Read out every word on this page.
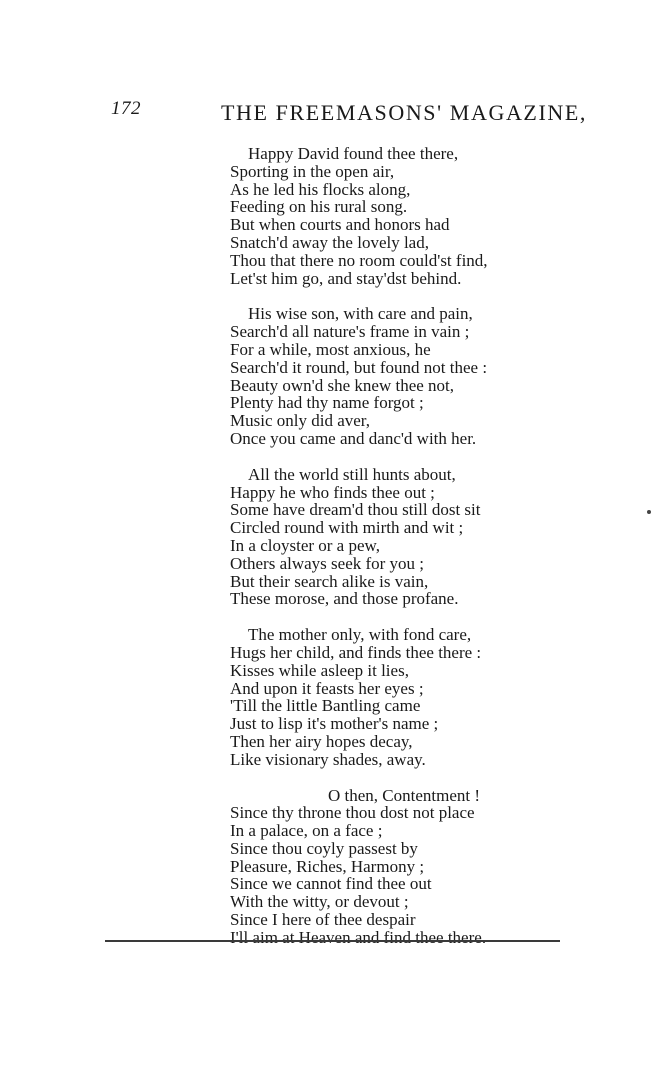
172	THE FREEMASONS' MAGAZINE,
Happy David found thee there,
Sporting in the open air,
As he led his flocks along,
Feeding on his rural song.
But when courts and honors had
Snatch'd away the lovely lad,
Thou that there no room could'st find,
Let'st him go, and stay'dst behind.
His wise son, with care and pain,
Search'd all nature's frame in vain ;
For a while, most anxious, he
Search'd it round, but found not thee :
Beauty own'd she knew thee not,
Plenty had thy name forgot ;
Music only did aver,
Once you came and danc'd with her.
All the world still hunts about,
Happy he who finds thee out ;
Some have dream'd thou still dost sit
Circled round with mirth and wit ;
In a cloyster or a pew,
Others always seek for you ;
But their search alike is vain,
These morose, and those profane.
The mother only, with fond care,
Hugs her child, and finds thee there :
Kisses while asleep it lies,
And upon it feasts her eyes ;
'Till the little Bantling came
Just to lisp it's mother's name ;
Then her airy hopes decay,
Like visionary shades, away.
O then, Contentment !
Since thy throne thou dost not place
In a palace, on a face ;
Since thou coyly passest by
Pleasure, Riches, Harmony ;
Since we cannot find thee out
With the witty, or devout ;
Since I here of thee despair
I'll aim at Heaven and find thee there.
